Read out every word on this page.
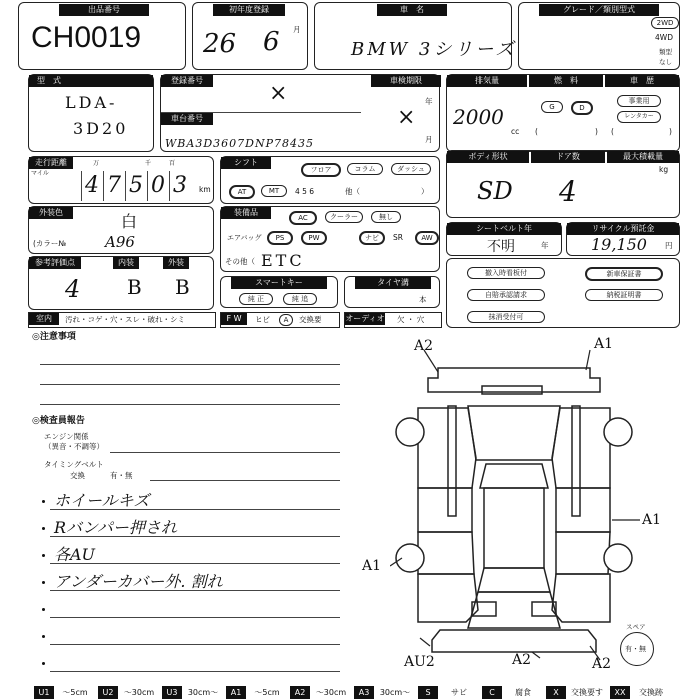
出品番号
CH0019
初年度登録
26 6 月
車　名
BMW 3シリーズ
グレード／類別型式
2WD
4WD
類型
なし
型　式
LDA-
3D20
登録番号
×
車台番号
WBA3D3607DNP78435
車検期限
年
月
×
排気量
2000
cc
燃　料
G	D
(	)
車　歴
事業用
レンタカー
(	)
走行距離
マイル
万	千	百
4 7 5 0 3	km
シフト
フロア	コラム	ダッシュ
AT	MT	4 5 6	他（	）
ボディ形状
SD
ドア数
4
最大積載量
kg
外装色	白
(カラー№	A96
装備品
AC	クーラー	無し
エアバッグ	PS	PW	ナビ	SR	AW
その他（ ETC
シートベルト年
不明	年
リサイクル預託金
19,150 円
参考評価点
4
内装
B
外装
B	スマートキー
純 正	純 追
タイヤ溝
本
撤入時看板付
自賠承認請求
抹消受付可
新車保証書
納税証明書
室内	汚れ・コゲ・穴・スレ・破れ・シミ	F W	ヒビ	A	交換要	オーディオ 欠 ・ 穴
◎注意事項
◎検査員報告
エンジン関係
（異音・不調等）
タイミングベルト
交換	有・無
ホイールキズ
Rバンパー押され
各AU
アンダーカバー外. 割れ
A2	A1
A1
A1
AU2	A2	A2
スペア
有・無
U1	～5cm	U2	～30cm	U3	30cm～	A1	～5cm	A2	～30cm	A3	30cm～	S	サビ	C	腐食	X	交換要す	XX	交換跡
